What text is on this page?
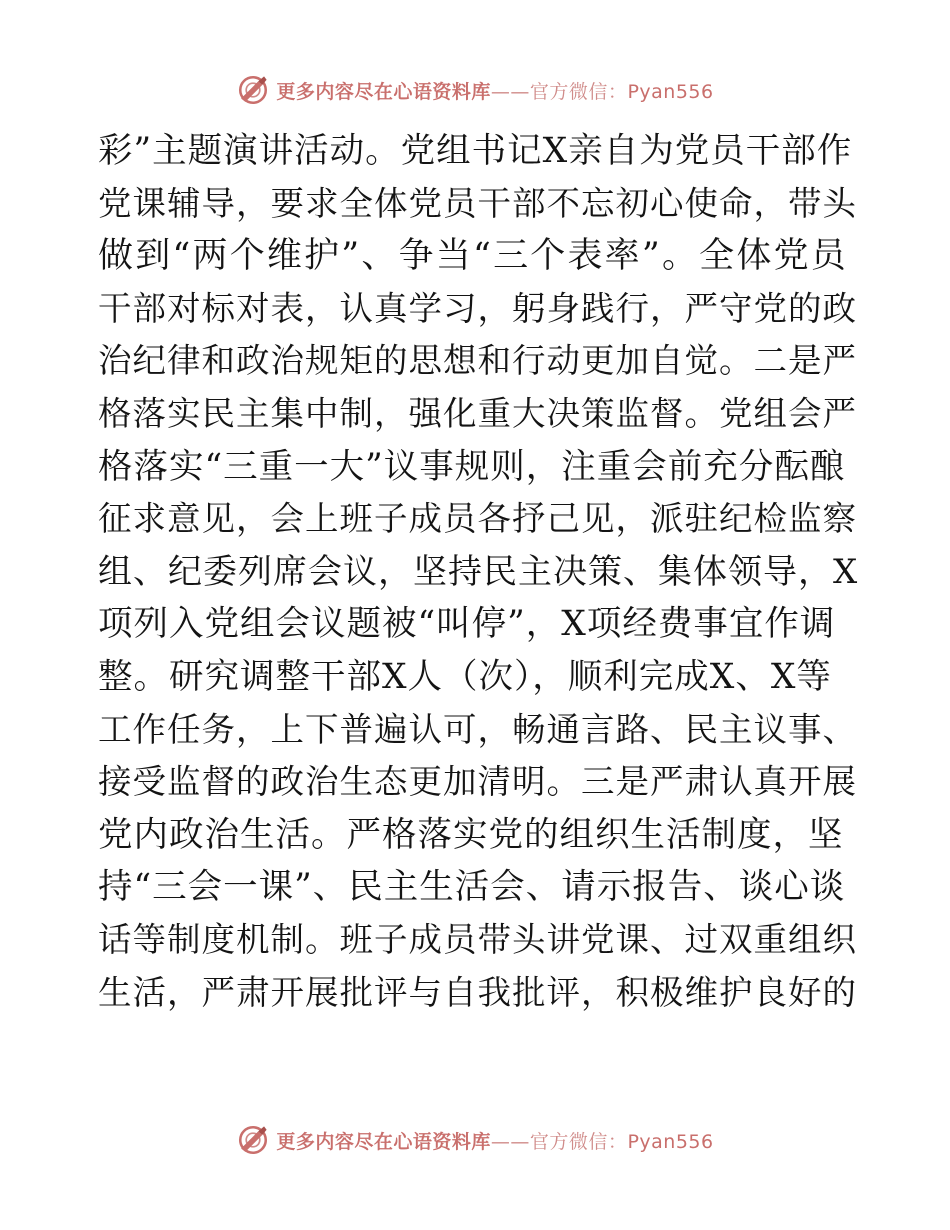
更多内容尽在心语资料库——官方微信：Pyan556
彩”主题演讲活动。党组书记X亲自为党员干部作
党课辅导，要求全体党员干部不忘初心使命，带头
做到“两个维护”、争当“三个表率”。全体党员
干部对标对表，认真学习，躬身践行，严守党的政
治纪律和政治规矩的思想和行动更加自觉。二是严
格落实民主集中制，强化重大决策监督。党组会严
格落实“三重一大”议事规则，注重会前充分酝酿
征求意见，会上班子成员各抒己见，派驻纪检监察
组、纪委列席会议，坚持民主决策、集体领导，X
项列入党组会议题被“叫停”，X项经费事宜作调
整。研究调整干部X人（次），顺利完成X、X等
工作任务，上下普遍认可，畅通言路、民主议事、
接受监督的政治生态更加清明。三是严肃认真开展
党内政治生活。严格落实党的组织生活制度，坚
持“三会一课”、民主生活会、请示报告、谈心谈
话等制度机制。班子成员带头讲党课、过双重组织
生活，严肃开展批评与自我批评，积极维护良好的
更多内容尽在心语资料库——官方微信：Pyan556
